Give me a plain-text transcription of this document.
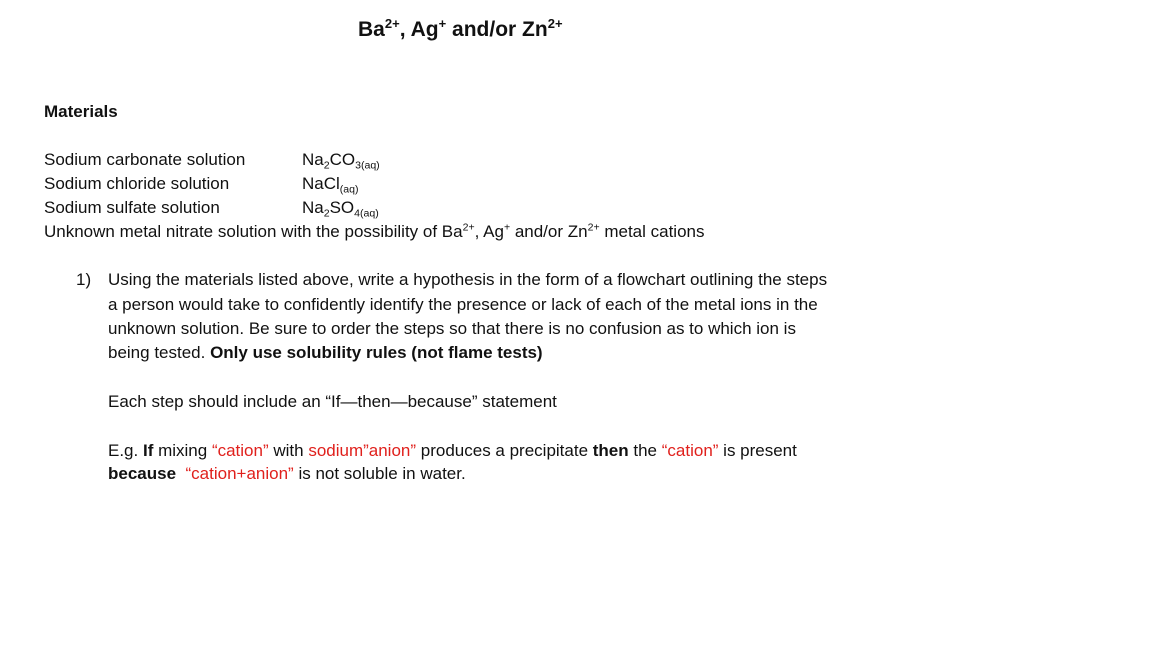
$Ba^{2+}$, Ag+ and/or $Zn^{2+}$
Materials
Sodium carbonate solution	$Na_2CO_{3(aq)}$
Sodium chloride solution	NaCl$_{(aq)}$
Sodium sulfate solution	$Na_2SO_{4(aq)}$
Unknown metal nitrate solution with the possibility of $Ba^{2+}$, Ag+ and/or $Zn^{2+}$ metal cations
1) Using the materials listed above, write a hypothesis in the form of a flowchart outlining the steps
a person would take to confidently identify the presence or lack of each of the metal ions in the
unknown solution. Be sure to order the steps so that there is no confusion as to which ion is
being tested. Only use solubility rules (not flame tests)
Each step should include an “If—then—because” statement
E.g. If mixing “cation” with sodium”anion” produces a precipitate then the “cation” is present
because “cation+anion” is not soluble in water.
